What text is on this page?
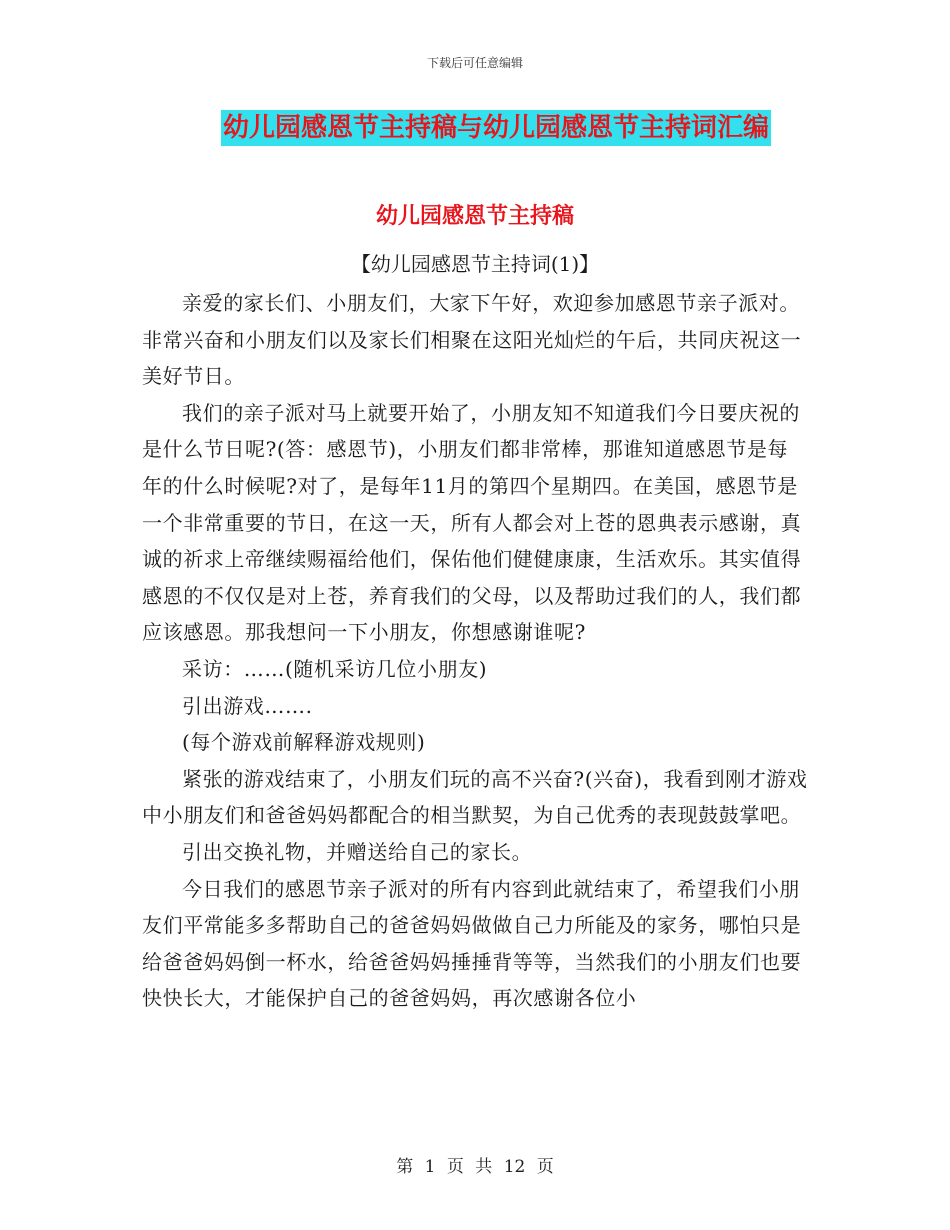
下载后可任意编辑
幼儿园感恩节主持稿与幼儿园感恩节主持词汇编
幼儿园感恩节主持稿
【幼儿园感恩节主持词(1)】

亲爱的家长们、小朋友们，大家下午好，欢迎参加感恩节亲子派对。非常兴奋和小朋友们以及家长们相聚在这阳光灿烂的午后，共同庆祝这一美好节日。

我们的亲子派对马上就要开始了，小朋友知不知道我们今日要庆祝的是什么节日呢?(答：感恩节)，小朋友们都非常棒，那谁知道感恩节是每年的什么时候呢?对了，是每年11月的第四个星期四。在美国，感恩节是一个非常重要的节日，在这一天，所有人都会对上苍的恩典表示感谢，真诚的祈求上帝继续赐福给他们，保佑他们健健康康，生活欢乐。其实值得感恩的不仅仅是对上苍，养育我们的父母，以及帮助过我们的人，我们都应该感恩。那我想问一下小朋友，你想感谢谁呢?

采访：……(随机采访几位小朋友)

引出游戏…….

(每个游戏前解释游戏规则)

紧张的游戏结束了，小朋友们玩的高不兴奋?(兴奋)，我看到刚才游戏中小朋友们和爸爸妈妈都配合的相当默契，为自己优秀的表现鼓鼓掌吧。

引出交换礼物，并赠送给自己的家长。

今日我们的感恩节亲子派对的所有内容到此就结束了，希望我们小朋友们平常能多多帮助自己的爸爸妈妈做做自己力所能及的家务，哪怕只是给爸爸妈妈倒一杯水，给爸爸妈妈捶捶背等等，当然我们的小朋友们也要快快长大，才能保护自己的爸爸妈妈，再次感谢各位小

第 1 页 共 12 页
